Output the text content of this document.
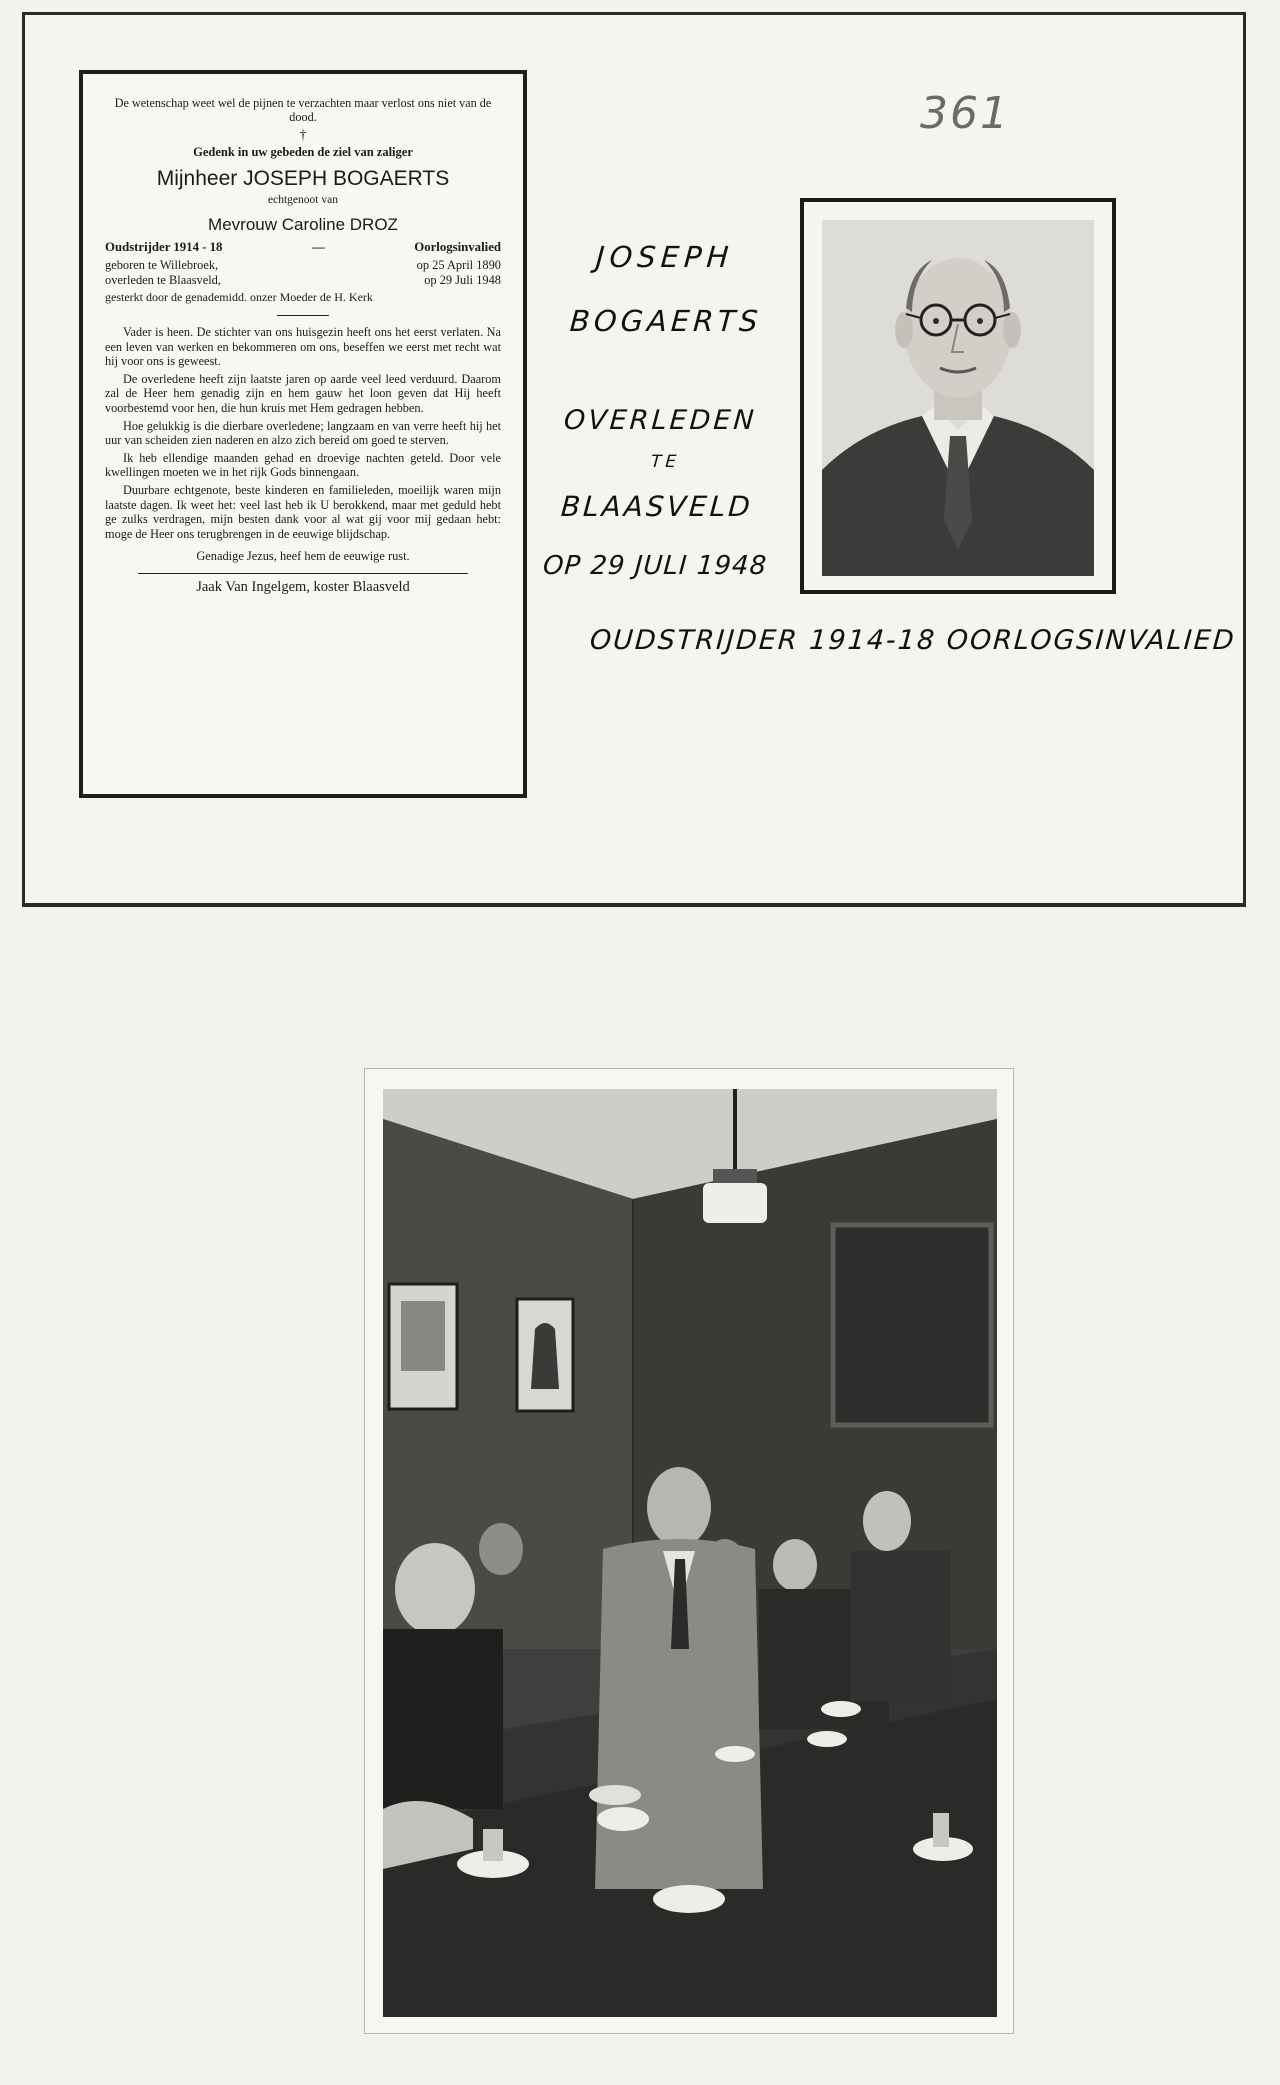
361
De wetenschap weet wel de pijnen te verzachten maar verlost ons niet van de dood.
†
Gedenk in uw gebeden de ziel van zaliger
Mijnheer JOSEPH BOGAERTS
echtgenoot van
Mevrouw Caroline DROZ
Oudstrijder 1914 - 18	—	Oorlogsinvalied
geboren te Willebroek,	op 25 April 1890
overleden te Blaasveld,	op 29 Juli 1948
gesterkt door de genademidd. onzer Moeder de H. Kerk

Vader is heen. De stichter van ons huisgezin heeft ons het eerst verlaten. Na een leven van werken en bekommeren om ons, beseffen we eerst met recht wat hij voor ons is geweest.

De overledene heeft zijn laatste jaren op aarde veel leed verduurd. Daarom zal de Heer hem genadig zijn en hem gauw het loon geven dat Hij heeft voorbestemd voor hen, die hun kruis met Hem gedragen hebben.

Hoe gelukkig is die dierbare overledene; langzaam en van verre heeft hij het uur van scheiden zien naderen en alzo zich bereid om goed te sterven.

Ik heb ellendige maanden gehad en droevige nachten geteld. Door vele kwellingen moeten we in het rijk Gods binnengaan.

Duurbare echtgenote, beste kinderen en familieleden, moeilijk waren mijn laatste dagen. Ik weet het: veel last heb ik U berokkend, maar met geduld hebt ge zulks verdragen, mijn besten dank voor al wat gij voor mij gedaan hebt: moge de Heer ons terugbrengen in de eeuwige blijdschap.

Genadige Jezus, heef hem de eeuwige rust.
Jaak Van Ingelgem, koster Blaasveld
JOSEPH
BOGAERTS
OVERLEDEN
TE
BLAASVELD
OP 29 JULI 1948
OUDSTRIJDER 1914-18 OORLOGSINVALIED
